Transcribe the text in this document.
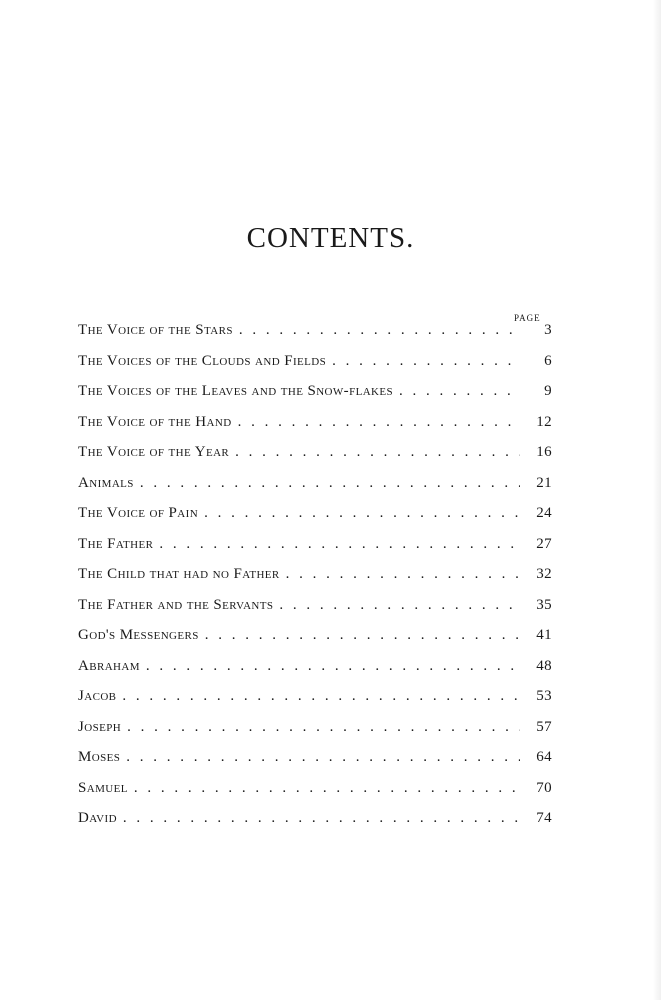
CONTENTS.
PAGE
The Voice of the Stars . . .	3
The Voices of the Clouds and Fields . . .	6
The Voices of the Leaves and the Snow-flakes . . .	9
The Voice of the Hand . . .	12
The Voice of the Year . . .	16
Animals . . .	21
The Voice of Pain . . .	24
The Father . . .	27
The Child that had no Father . . .	32
The Father and the Servants . . .	35
God's Messengers . . .	41
Abraham . . .	48
Jacob . . .	53
Joseph . . .	57
Moses . . .	64
Samuel . . .	70
David . . .	74
